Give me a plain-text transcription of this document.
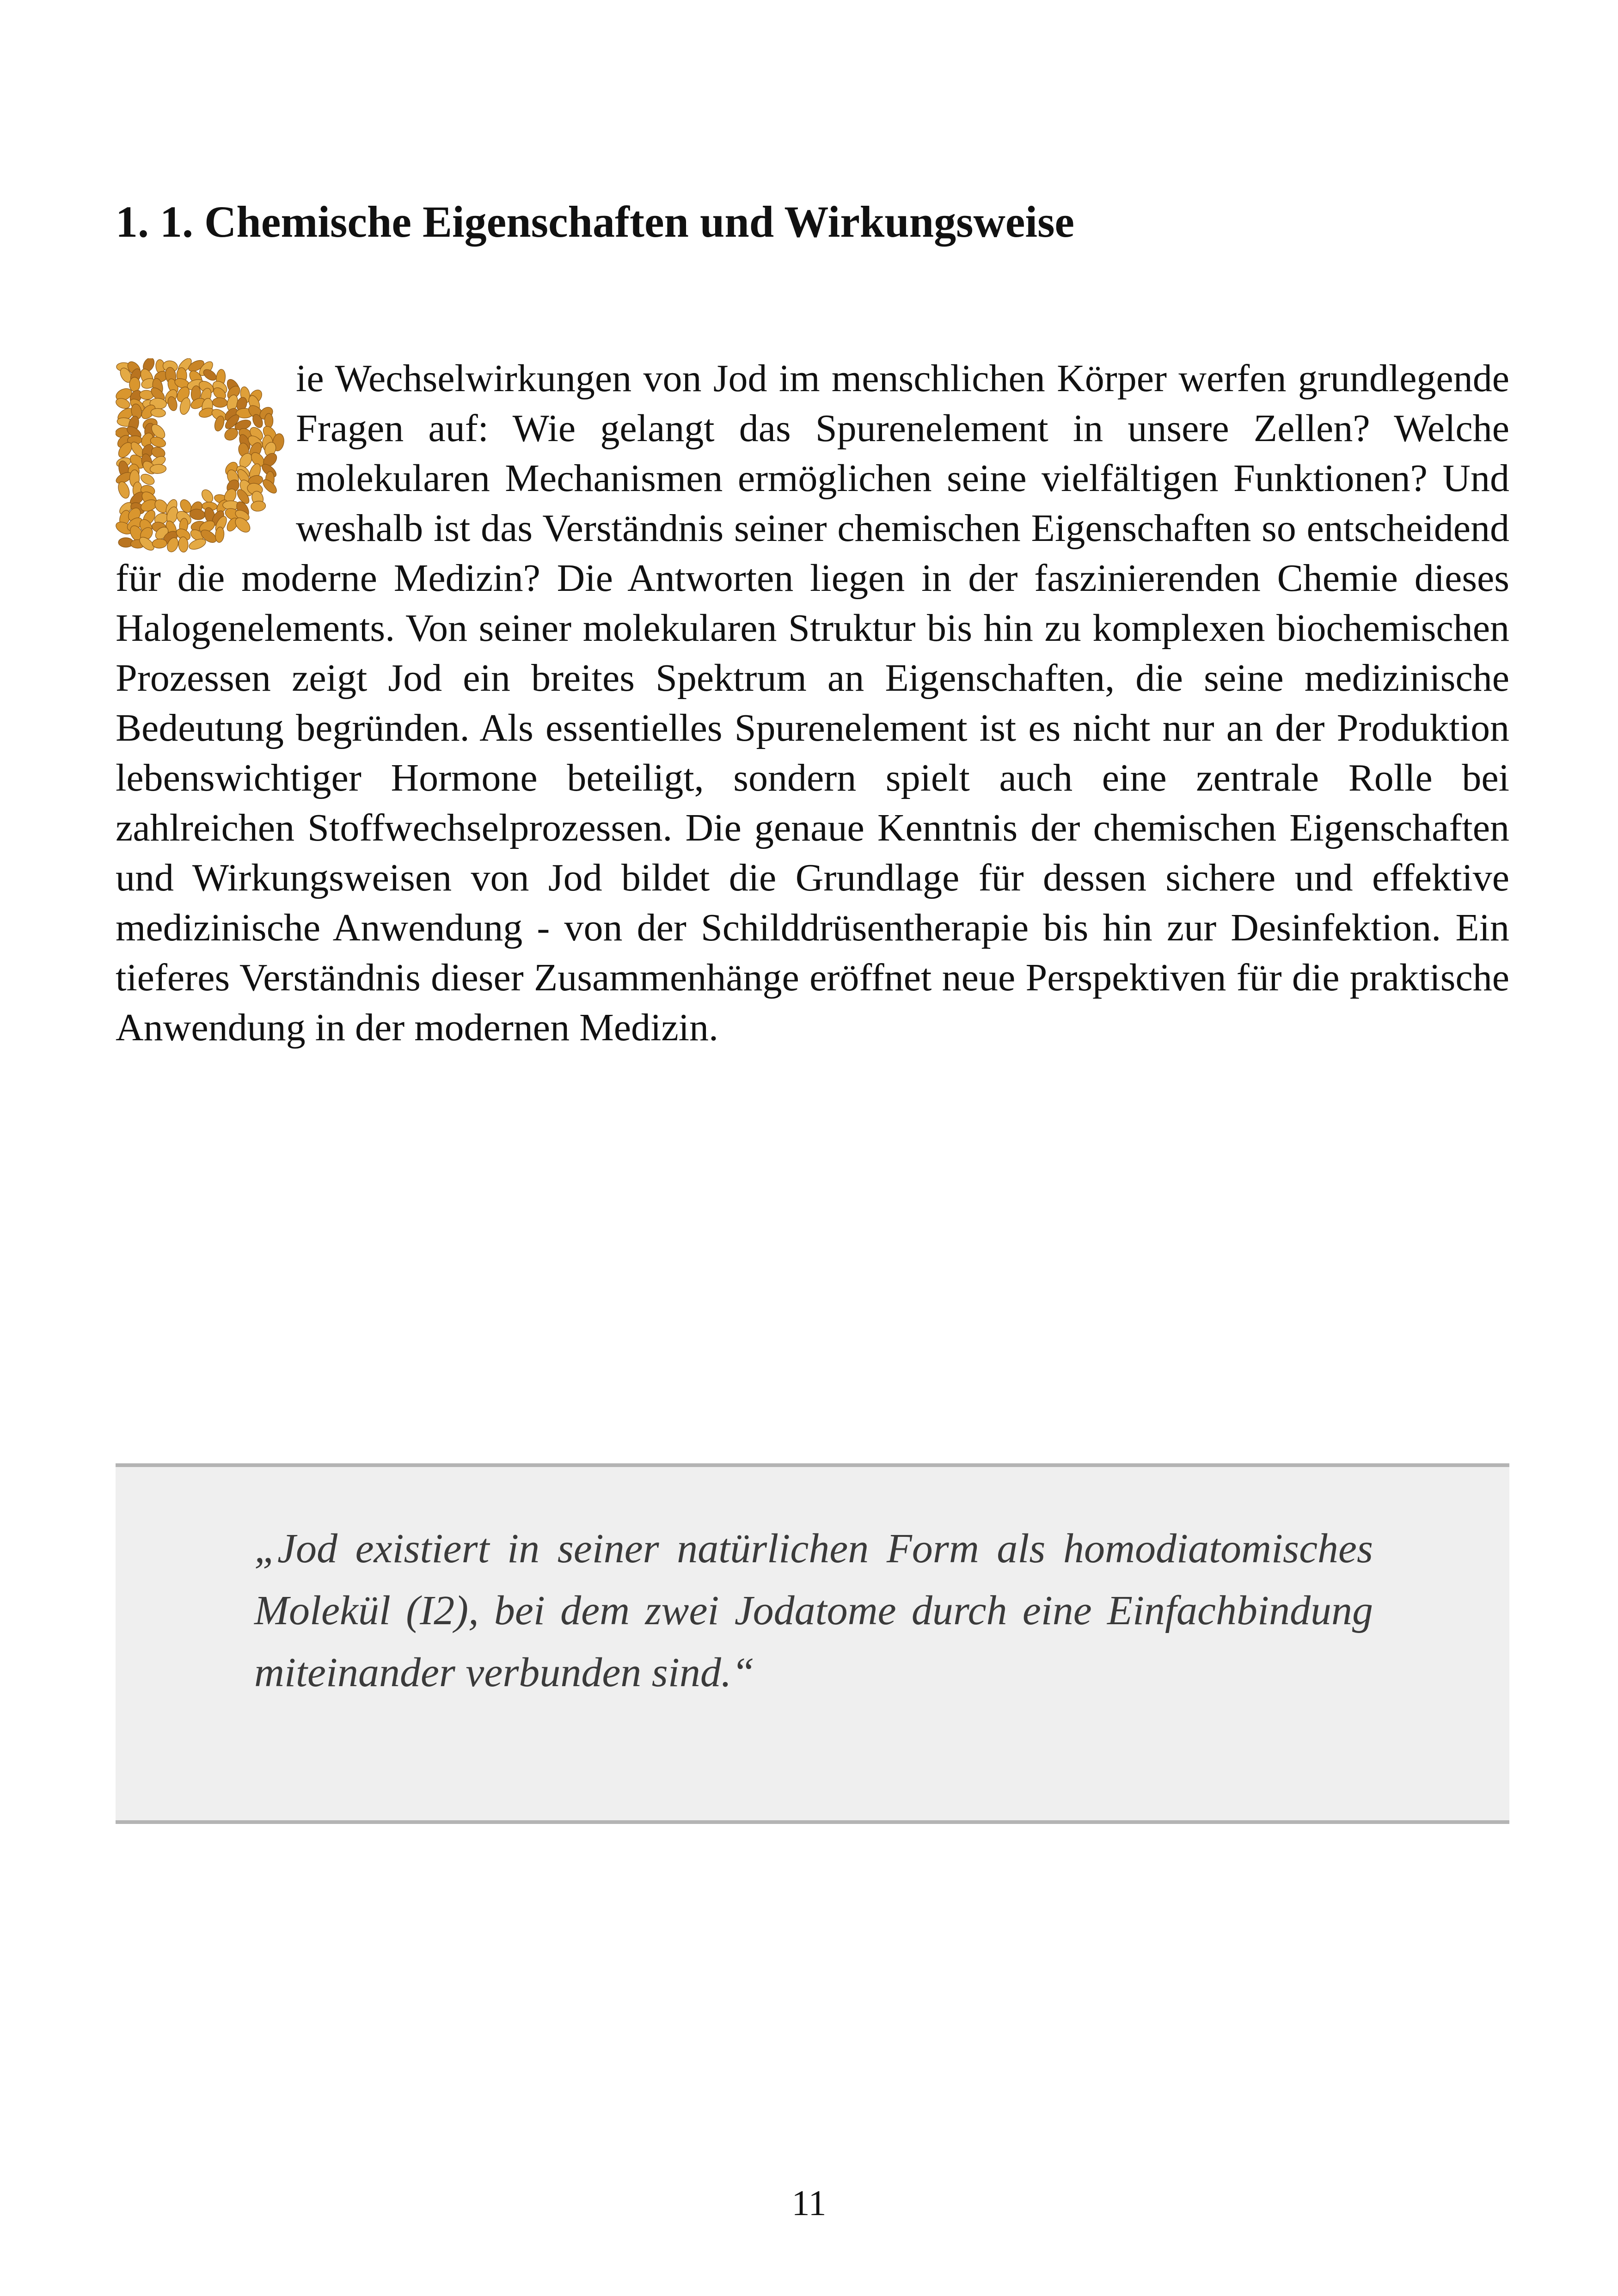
1. 1. Chemische Eigenschaften und Wirkungsweise

ie Wechselwirkungen von Jod im menschlichen Körper werfen grundlegende Fragen auf: Wie gelangt das Spurenelement in unsere Zellen? Welche molekularen Mechanismen ermöglichen seine vielfältigen Funktionen? Und weshalb ist das Verständnis seiner chemischen Eigenschaften so entscheidend für die moderne Medizin? Die Antworten liegen in der faszinierenden Chemie dieses Halogenelements. Von seiner molekularen Struktur bis hin zu komplexen biochemischen Prozessen zeigt Jod ein breites Spektrum an Eigenschaften, die seine medizinische Bedeutung begründen. Als essentielles Spurenelement ist es nicht nur an der Produktion lebenswichtiger Hormone beteiligt, sondern spielt auch eine zentrale Rolle bei zahlreichen Stoffwechselprozessen. Die genaue Kenntnis der chemischen Eigenschaften und Wirkungsweisen von Jod bildet die Grundlage für dessen sichere und effektive medizinische Anwendung - von der Schilddrüsentherapie bis hin zur Desinfektion. Ein tieferes Verständnis dieser Zusammenhänge eröffnet neue Perspektiven für die praktische Anwendung in der modernen Medizin.

„Jod existiert in seiner natürlichen Form als homodiatomisches Molekül (I2), bei dem zwei Jodatome durch eine Einfachbindung miteinander verbunden sind.“

11
